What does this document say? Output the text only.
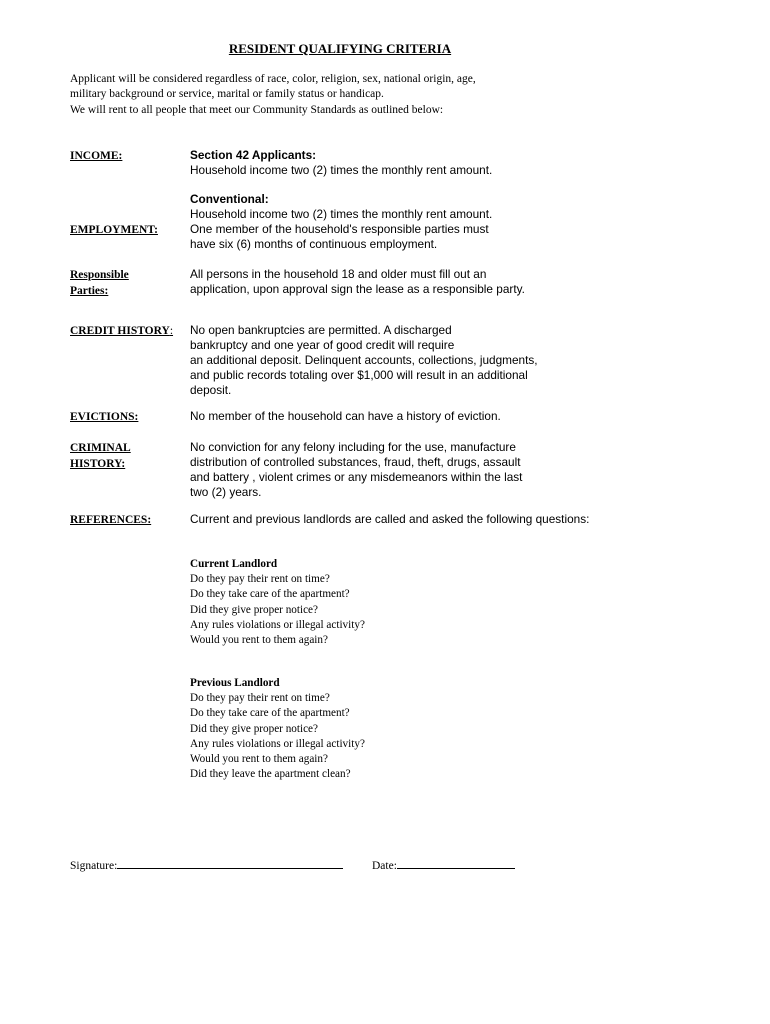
RESIDENT QUALIFYING CRITERIA
Applicant will be considered regardless of race, color, religion, sex, national origin, age,
military background or service, marital or family status or handicap.
We will rent to all people that meet our Community Standards as outlined below:
INCOME:	Section 42 Applicants:
Household income two (2) times the monthly rent amount.
Conventional:
Household income two (2) times the monthly rent amount.
EMPLOYMENT:	One member of the household's responsible parties must
have six (6) months of continuous employment.
Responsible
Parties:
All persons in the household 18 and older must fill out an
application, upon approval sign the lease as a responsible party.
CREDIT HISTORY: No open bankruptcies are permitted. A discharged
bankruptcy and one year of good credit will require
an additional deposit. Delinquent accounts, collections, judgments,
and public records totaling over $1,000 will result in an additional
deposit.
EVICTIONS:	No member of the household can have a history of eviction.
CRIMINAL
HISTORY:
No conviction for any felony including for the use, manufacture
distribution of controlled substances, fraud, theft, drugs, assault
and battery , violent crimes or any misdemeanors within the last
two (2) years.
REFERENCES:	Current and previous landlords are called and asked the following questions:
Current Landlord
Do they pay their rent on time?
Do they take care of the apartment?
Did they give proper notice?
Any rules violations or illegal activity?
Would you rent to them again?
Previous Landlord
Do they pay their rent on time?
Do they take care of the apartment?
Did they give proper notice?
Any rules violations or illegal activity?
Would you rent to them again?
Did they leave the apartment clean?
Signature:	Date:
